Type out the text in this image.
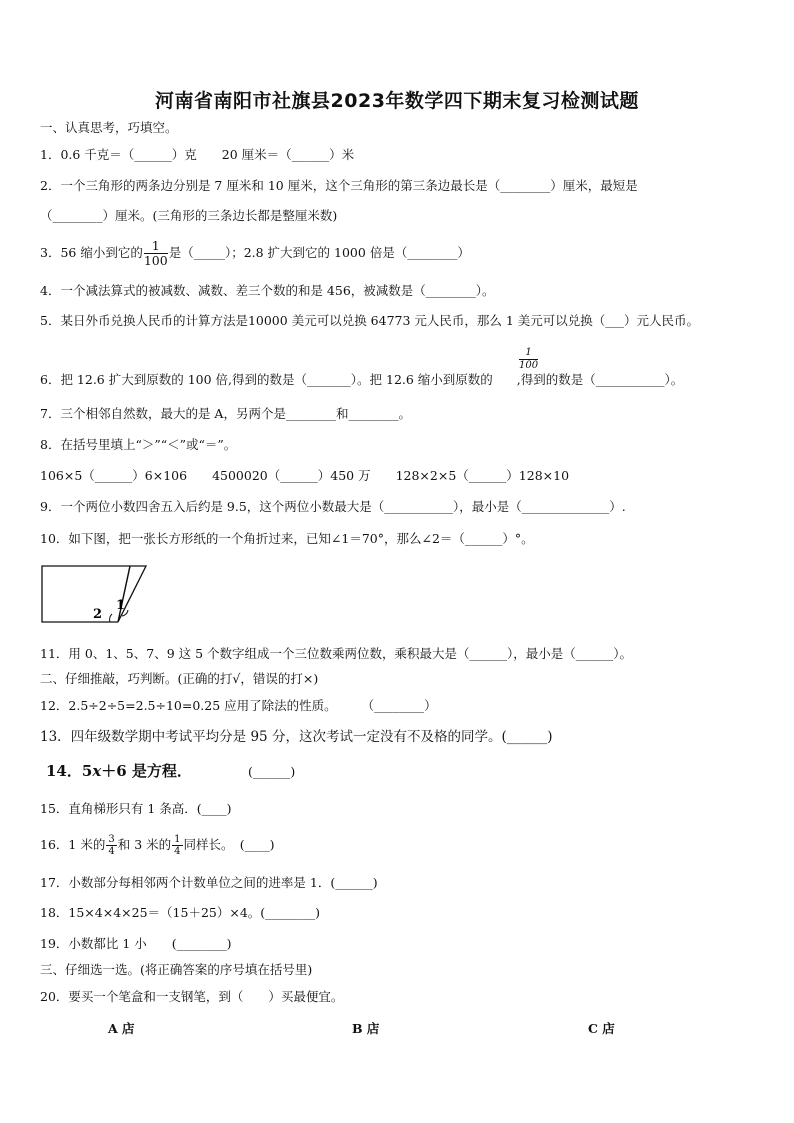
河南省南阳市社旗县2023年数学四下期末复习检测试题
一、认真思考，巧填空。
1．0.6 千克＝（______）克　　20 厘米＝（______）米
2．一个三角形的两条边分别是 7 厘米和 10 厘米，这个三角形的第三条边最长是（________）厘米，最短是
（________）厘米。(三角形的三条边长都是整厘米数)
3．56 缩小到它的 $\frac{1}{100}$ 是（_____）；2.8 扩大到它的 1000 倍是（________）
4．一个减法算式的被减数、减数、差三个数的和是 456，被减数是（________）。
5．某日外币兑换人民币的计算方法是10000 美元可以兑换 64773 元人民币，那么 1 美元可以兑换（___）元人民币。
$\frac{1}{100}$
6．把 12.6 扩大到原数的 100 倍,得到的数是（_______）。把 12.6 缩小到原数的 ,得到的数是（___________）。
7．三个相邻自然数，最大的是 A，另两个是________和________。
8．在括号里填上“＞”“＜”或“＝”。
106×5（______）6×106　　4500020（______）450 万　　128×2×5（______）128×10
9．一个两位小数四舍五入后约是 9.5，这个两位小数最大是（___________），最小是（______________）.
10．如下图，把一张长方形纸的一个角折过来，已知∠1＝70°，那么∠2＝（______）°。
2
1
11．用 0、1、5、7、9 这 5 个数字组成一个三位数乘两位数，乘积最大是（______），最小是（______）。
二、仔细推敲，巧判断。(正确的打√，错误的打×)
12．2.5÷2÷5=2.5÷10=0.25 应用了除法的性质。　　　（________）
13．四年级数学期中考试平均分是 95 分，这次考试一定没有不及格的同学。(______)
14．5x＋6 是方程．	(______)
15．直角梯形只有 1 条高．(____)
16．1 米的 $\frac{3}{4}$ 和 3 米的 $\frac{1}{4}$ 同样长。　(____)
17．小数部分每相邻两个计数单位之间的进率是 1．(______)
18．15×4×4×25＝（15＋25）×4。(________)
19．小数都比 1 小　　(________)
三、仔细选一选。(将正确答案的序号填在括号里)
20．要买一个笔盒和一支钢笔，到（　　）买最便宜。
A 店	B 店	C 店
